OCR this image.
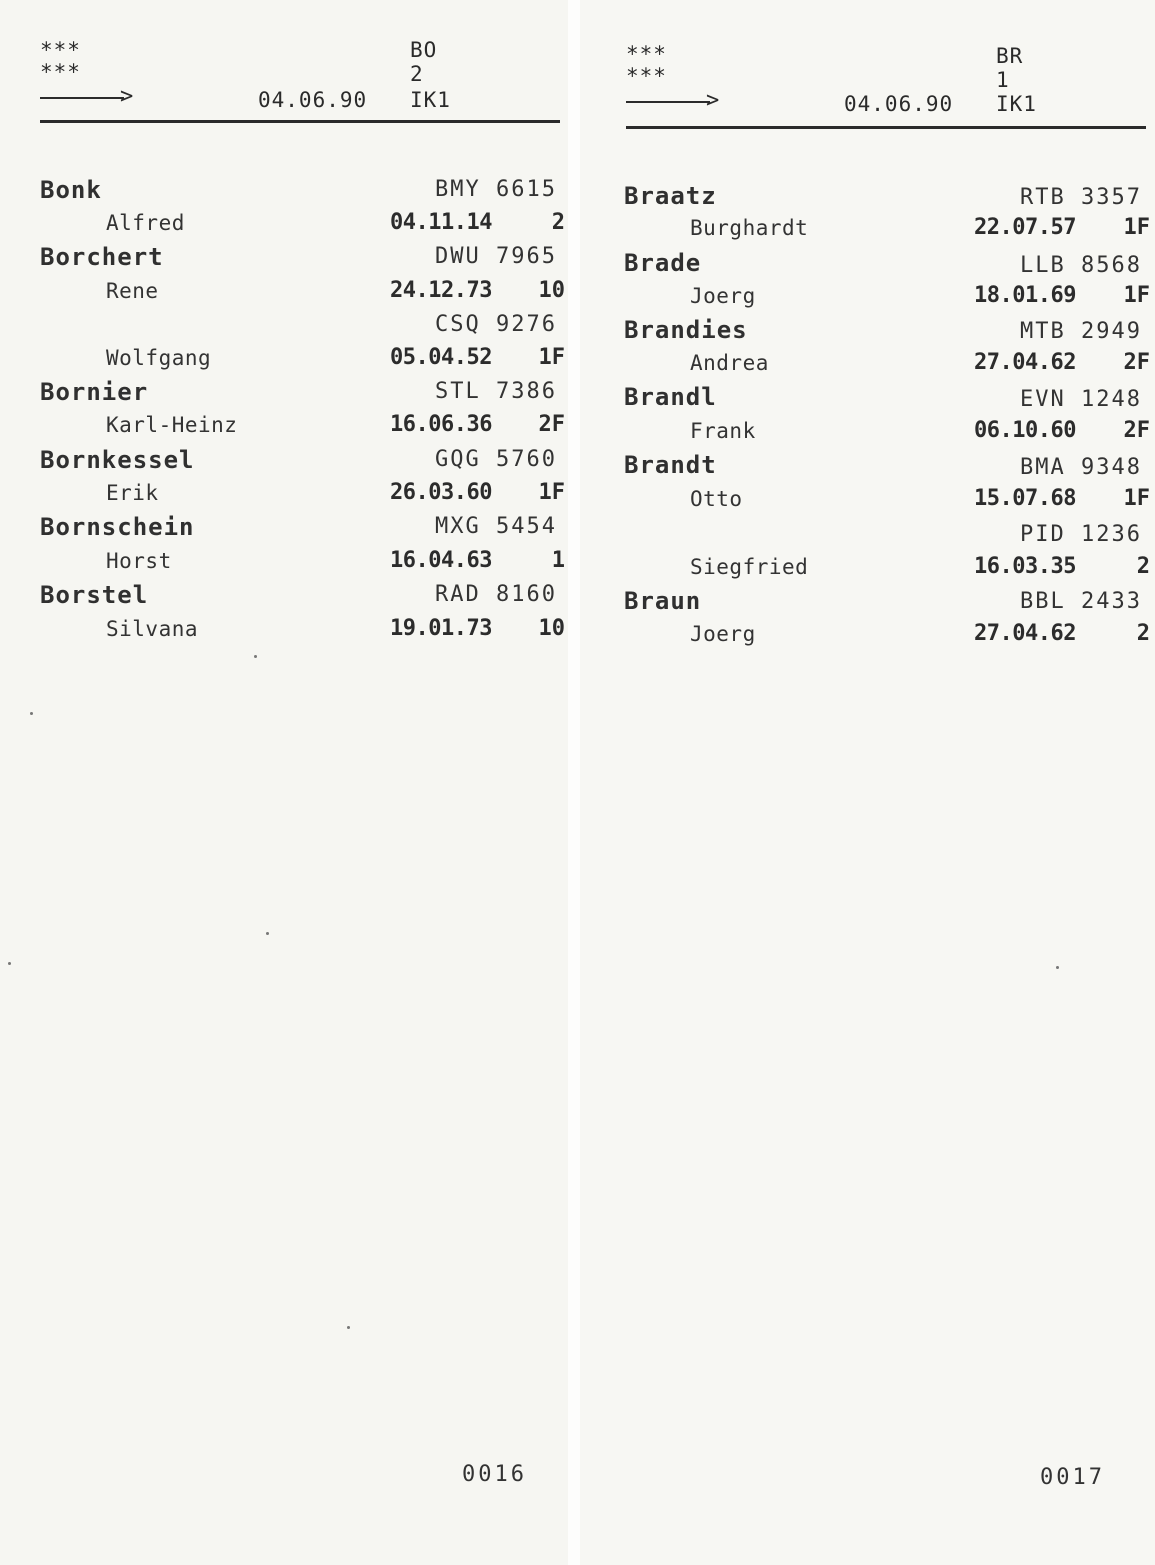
***
***
BO
2
>	04.06.90 IK1
Bonk	BMY 6615
Alfred	04.11.14	2
Borchert	DWU 7965
Rene	24.12.73 10
CSQ 9276
Wolfgang	05.04.52 1F
Bornier	STL 7386
Karl-Heinz	16.06.36 2F
Bornkessel	GQG 5760
Erik	26.03.60 1F
Bornschein	MXG 5454
Horst	16.04.63	1
Borstel	RAD 8160
Silvana	19.01.73 10
0016
***
***
BR
1
>	04.06.90 IK1
Braatz	RTB 3357
Burghardt	22.07.57 1F
Brade	LLB 8568
Joerg	18.01.69 1F
Brandies	MTB 2949
Andrea	27.04.62 2F
Brandl	EVN 1248
Frank	06.10.60 2F
Brandt	BMA 9348
Otto	15.07.68 1F
PID 1236
Siegfried	16.03.35	2
Braun	BBL 2433
Joerg	27.04.62	2
0017
